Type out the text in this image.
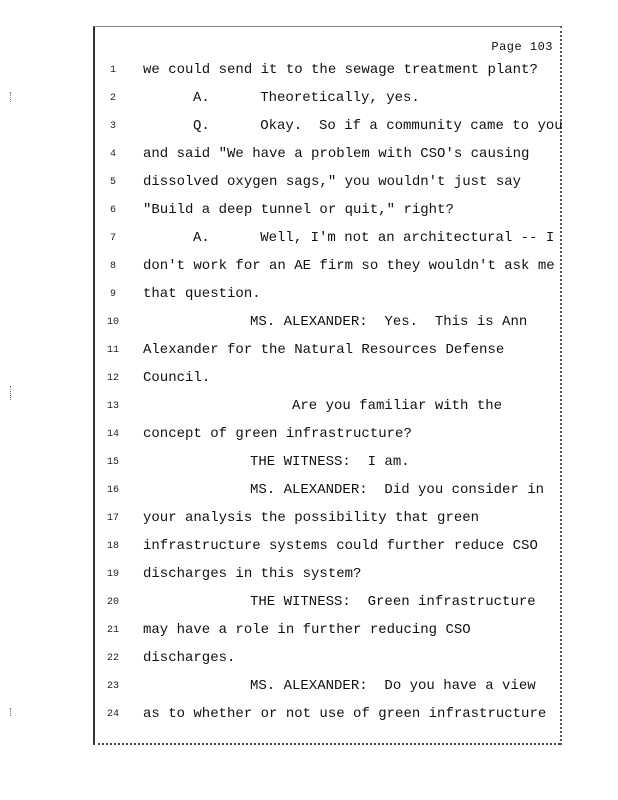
Page 103
1	we could send it to the sewage treatment plant?
2	A.      Theoretically, yes.
3	Q.      Okay.  So if a community came to you
4	and said "We have a problem with CSO's causing
5	dissolved oxygen sags," you wouldn't just say
6	"Build a deep tunnel or quit," right?
7	A.      Well, I'm not an architectural -- I
8	don't work for an AE firm so they wouldn't ask me
9	that question.
10	MS. ALEXANDER:  Yes.  This is Ann
11	Alexander for the Natural Resources Defense
12	Council.
13	Are you familiar with the
14	concept of green infrastructure?
15	THE WITNESS:  I am.
16	MS. ALEXANDER:  Did you consider in
17	your analysis the possibility that green
18	infrastructure systems could further reduce CSO
19	discharges in this system?
20	THE WITNESS:  Green infrastructure
21	may have a role in further reducing CSO
22	discharges.
23	MS. ALEXANDER:  Do you have a view
24	as to whether or not use of green infrastructure
